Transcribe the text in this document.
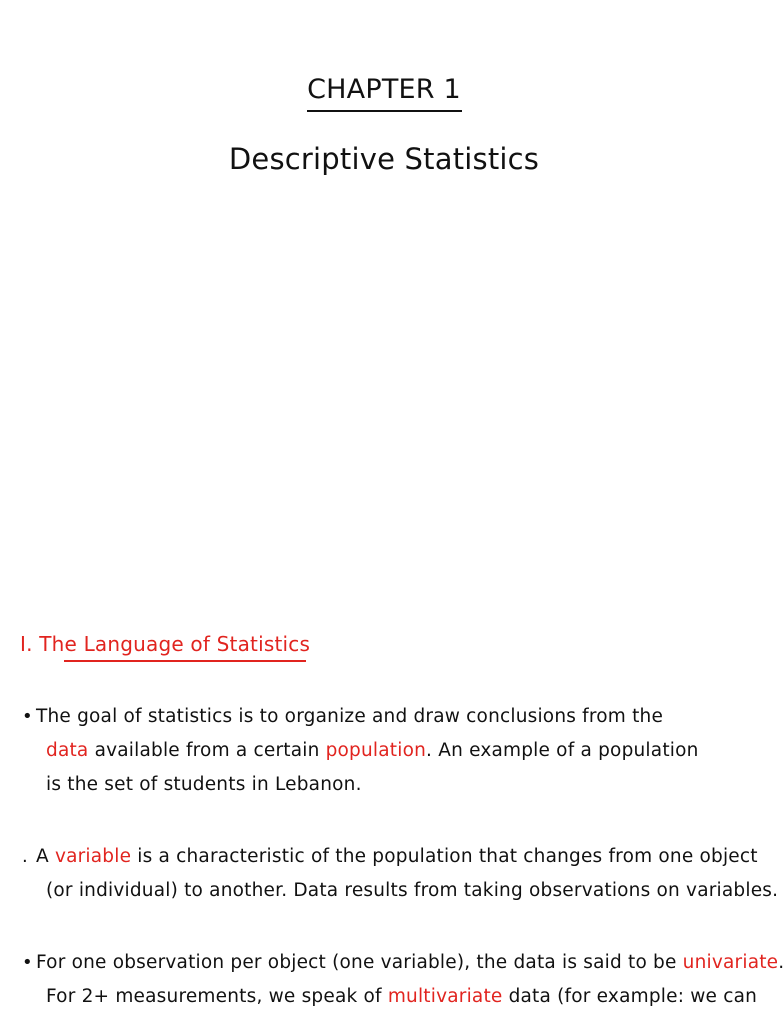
CHAPTER 1
Descriptive Statistics
I. The Language of Statistics
• The goal of statistics is to organize and draw conclusions from the
data available from a certain population. An example of a population
is the set of students in Lebanon.
. A variable is a characteristic of the population that changes from one object
(or individual) to another. Data results from taking observations on variables.
• For one observation per object (one variable), the data is said to be univariate.
For 2+ measurements, we speak of multivariate data (for example: we can
